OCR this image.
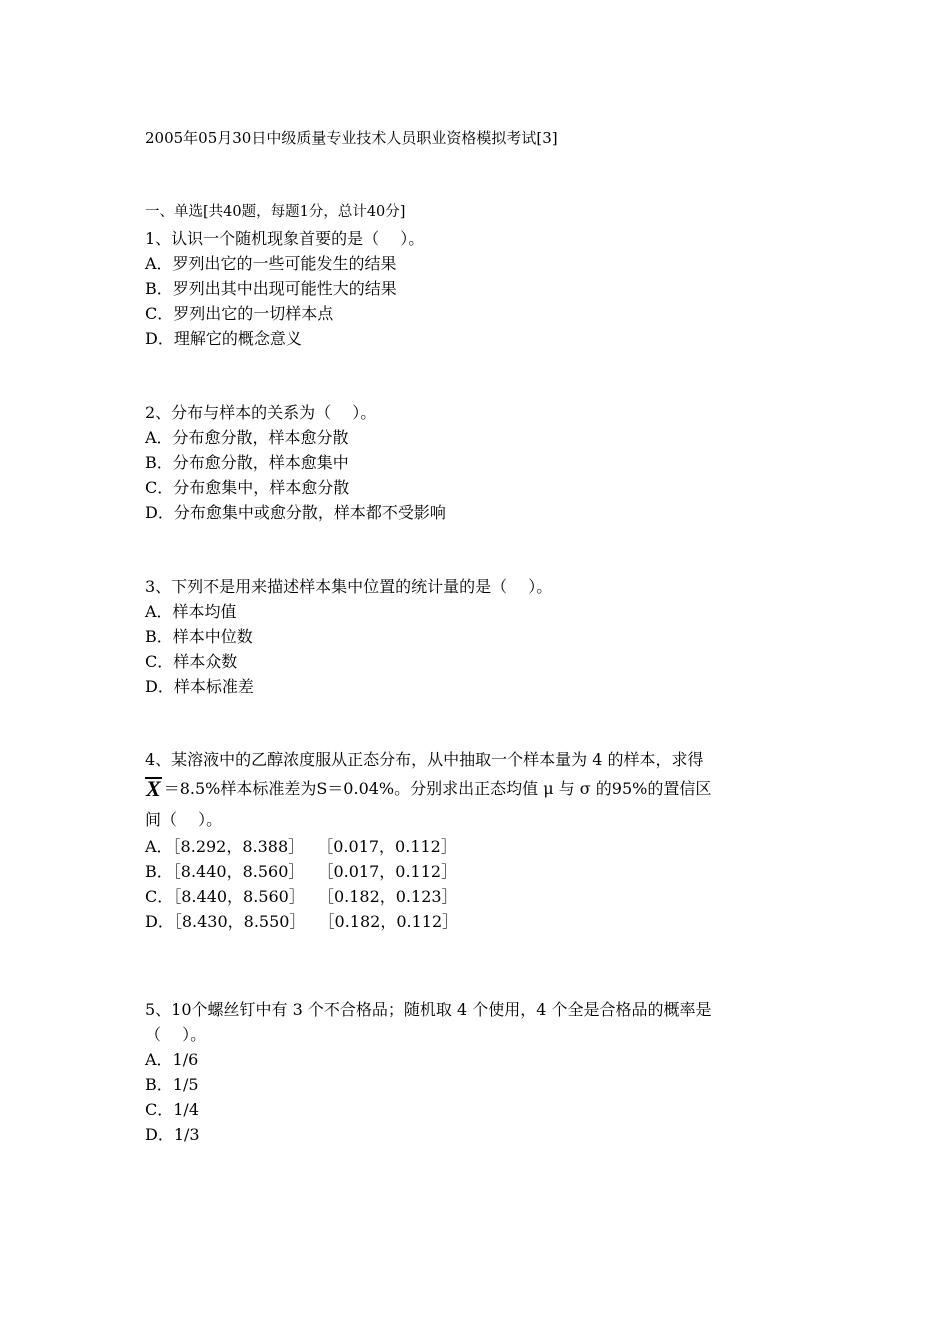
2005年05月30日中级质量专业技术人员职业资格模拟考试[3]
一、单选[共40题，每题1分，总计40分]
1、认识一个随机现象首要的是（　 ）。
A．罗列出它的一些可能发生的结果
B．罗列出其中出现可能性大的结果
C．罗列出它的一切样本点
D．理解它的概念意义
2、分布与样本的关系为（　 ）。
A．分布愈分散，样本愈分散
B．分布愈分散，样本愈集中
C．分布愈集中，样本愈分散
D．分布愈集中或愈分散，样本都不受影响
3、下列不是用来描述样本集中位置的统计量的是（　 ）。
A．样本均值
B．样本中位数
C．样本众数
D．样本标准差
4、某溶液中的乙醇浓度服从正态分布，从中抽取一个样本量为 4 的样本，求得
X ＝8.5%样本标准差为S＝0.04%。分别求出正态均值 μ 与 σ 的95%的置信区
间（　 ）。
A．［8.292，8.388］　 ［0.017，0.112］
B．［8.440，8.560］　 ［0.017，0.112］
C．［8.440，8.560］　 ［0.182，0.123］
D．［8.430，8.550］　 ［0.182，0.112］
5、10个螺丝钉中有 3 个不合格品；随机取 4 个使用，4 个全是合格品的概率是
（　 ）。
A．1/6
B．1/5
C．1/4
D．1/3
